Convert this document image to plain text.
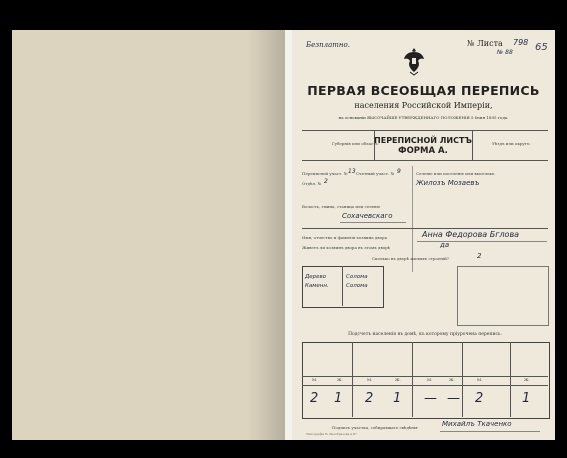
Безплатно.	№ Листа 798 65
№ 88
ПЕРВАЯ ВСЕОБЩАЯ ПЕРЕПИСЬ
населения Российской Имперіи,
на основаніи ВЫСОЧАЙШЕ УТВЕРЖДЕННАГО ПОЛОЖЕНІЯ 5 Іюня 1895 года.
Губернія или область:	Уѣздъ или округъ:
ПЕРЕПИСНОЙ ЛИСТЪ
ФОРМА А.
Переписной участ. № 13 Счетный участ. № 9
Отдѣл. № 2
Селеніе или поселеніе или выселокъ
Жилозъ Мозаевъ
Волость, гмина, станица или селеніе
Сохачевскаго
Имя, отчество и фамилія хозяина двора	Анна Федорова Бглова
Живетъ ли хозяинъ двора въ этомъ дворѣ	да
Сколько въ дворѣ жилыхъ строеній?	2
Дерево	Солома
Каменн.	Солома
Подсчетъ населенія въ домѣ, къ которому пріурочена перепись.
М.	Ж.	М.	Ж.	М.	Ж.	М.	Ж.
2 1 2 1 — — 2	1
Подпись участка, собиравшаго свѣдѣнія	Михайлъ Ткаченко
Типографія В. Безобразова и К°
